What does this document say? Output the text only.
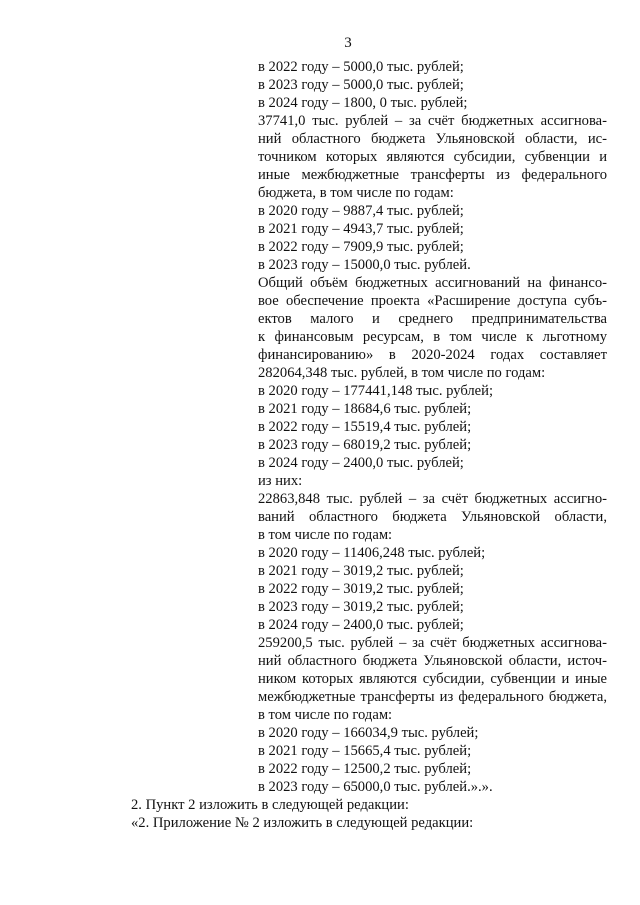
3
в 2022 году – 5000,0 тыс. рублей;
в 2023 году – 5000,0 тыс. рублей;
в 2024 году – 1800, 0 тыс. рублей;
37741,0 тыс. рублей – за счёт бюджетных ассигнова-
ний областного бюджета Ульяновской области, ис-
точником которых являются субсидии, субвенции и
иные межбюджетные трансферты из федерального
бюджета, в том числе по годам:
в 2020 году – 9887,4 тыс. рублей;
в 2021 году – 4943,7 тыс. рублей;
в 2022 году – 7909,9 тыс. рублей;
в 2023 году – 15000,0 тыс. рублей.
Общий объём бюджетных ассигнований на финансо-
вое обеспечение проекта «Расширение доступа субъ-
ектов малого и среднего предпринимательства
к финансовым ресурсам, в том числе к льготному
финансированию» в 2020-2024 годах составляет
282064,348 тыс. рублей, в том числе по годам:
в 2020 году – 177441,148 тыс. рублей;
в 2021 году – 18684,6 тыс. рублей;
в 2022 году – 15519,4 тыс. рублей;
в 2023 году – 68019,2 тыс. рублей;
в 2024 году – 2400,0 тыс. рублей;
из них:
22863,848 тыс. рублей – за счёт бюджетных ассигно-
ваний областного бюджета Ульяновской области,
в том числе по годам:
в 2020 году – 11406,248 тыс. рублей;
в 2021 году – 3019,2 тыс. рублей;
в 2022 году – 3019,2 тыс. рублей;
в 2023 году – 3019,2 тыс. рублей;
в 2024 году – 2400,0 тыс. рублей;
259200,5 тыс. рублей – за счёт бюджетных ассигнова-
ний областного бюджета Ульяновской области, источ-
ником которых являются субсидии, субвенции и иные
межбюджетные трансферты из федерального бюджета,
в том числе по годам:
в 2020 году – 166034,9 тыс. рублей;
в 2021 году – 15665,4 тыс. рублей;
в 2022 году – 12500,2 тыс. рублей;
в 2023 году – 65000,0 тыс. рублей.».».
2. Пункт 2 изложить в следующей редакции:
«2. Приложение № 2 изложить в следующей редакции:
